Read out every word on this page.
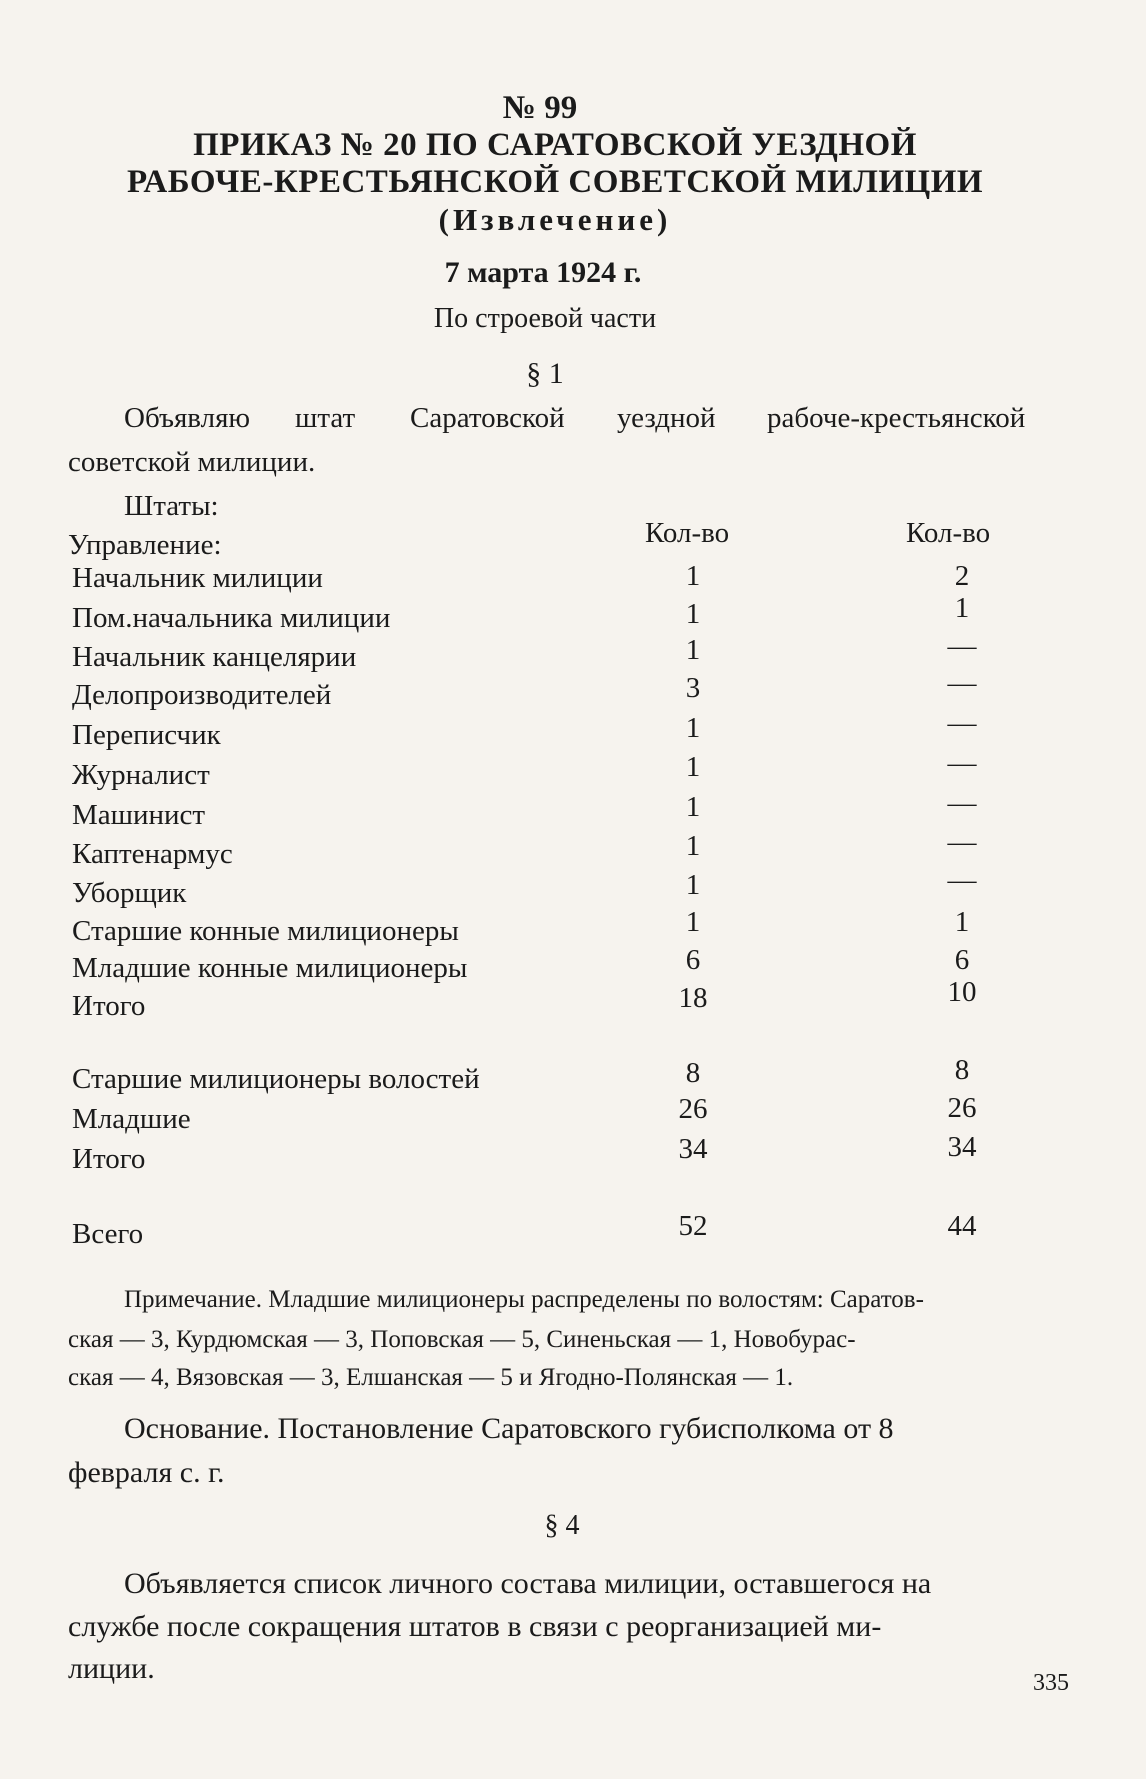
№ 99
ПРИКАЗ № 20 ПО САРАТОВСКОЙ УЕЗДНОЙ
РАБОЧЕ-КРЕСТЬЯНСКОЙ СОВЕТСКОЙ МИЛИЦИИ
(Извлечение)
7 марта 1924 г.
По строевой части
§ 1
Объявляю штат Саратовской уездной рабоче-крестьянской
советской милиции.
Штаты:
Управление:	Кол-во	Кол-во
Начальник милиции	1	2
Пом.начальника милиции	1	1
Начальник канцелярии	1	—
Делопроизводителей	3	—
Переписчик	1	—
Журналист	1	—
Машинист	1	—
Каптенармус	1	—
Уборщик	1	—
Старшие конные милиционеры	1	1
Младшие конные милиционеры	6	6
Итого	18	10
Старшие милиционеры волостей	8	8
Младшие	26	26
Итого	34	34
Всего	52	44
Примечание. Младшие милиционеры распределены по волостям: Саратов-
ская — 3, Курдюмская — 3, Поповская — 5, Синеньская — 1, Новобурас-
ская — 4, Вязовская — 3, Елшанская — 5 и Ягодно-Полянская — 1.
Основание. Постановление Саратовского губисполкома от 8
февраля с. г.
§ 4
Объявляется список личного состава милиции, оставшегося на
службе после сокращения штатов в связи с реорганизацией ми-
лиции.	335
